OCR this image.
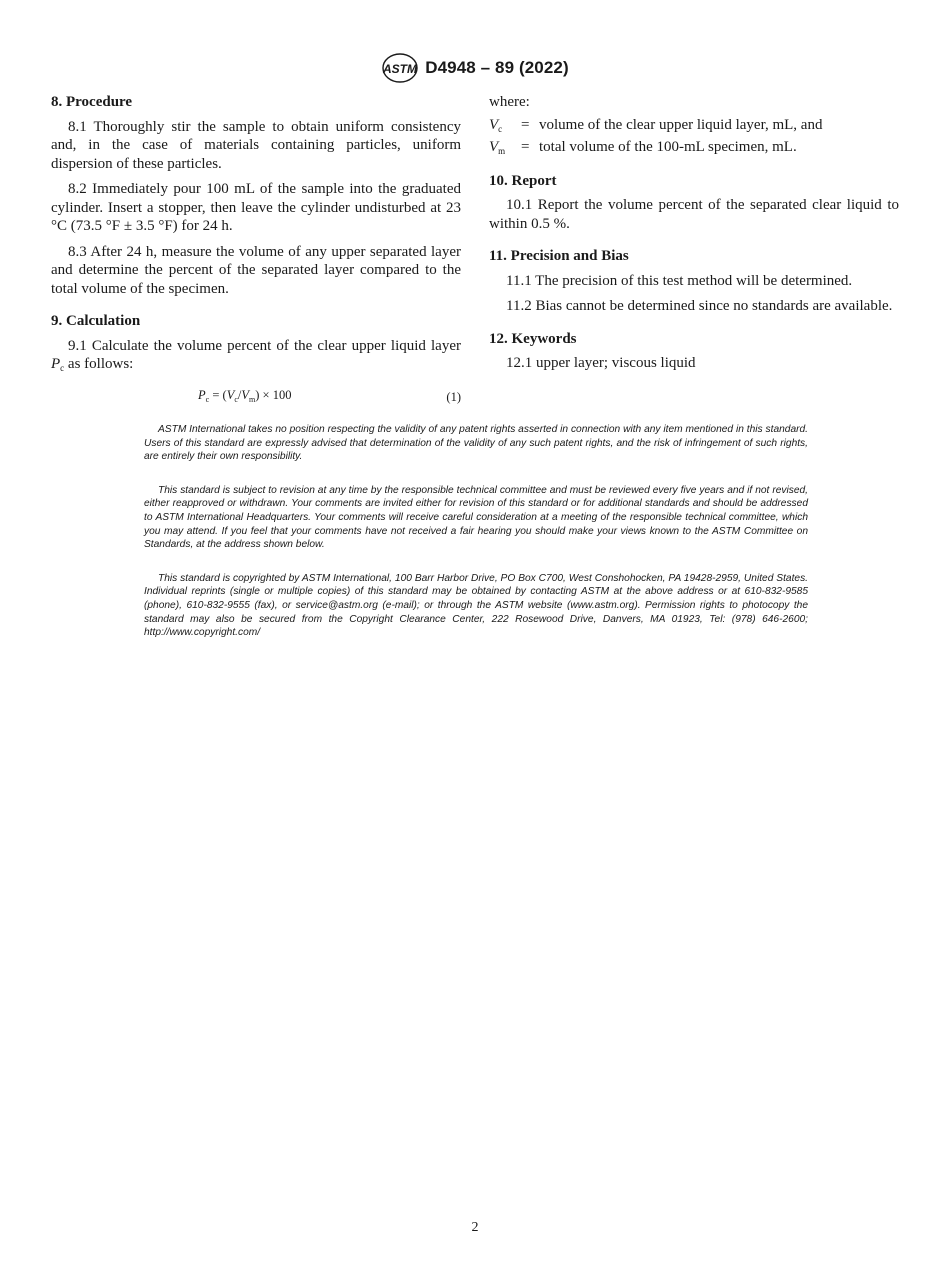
ASTM D4948 – 89 (2022)
8. Procedure

8.1 Thoroughly stir the sample to obtain uniform consistency and, in the case of materials containing particles, uniform dispersion of these particles.

8.2 Immediately pour 100 mL of the sample into the graduated cylinder. Insert a stopper, then leave the cylinder undisturbed at 23 °C (73.5 °F ± 3.5 °F) for 24 h.

8.3 After 24 h, measure the volume of any upper separated layer and determine the percent of the separated layer compared to the total volume of the specimen.

9. Calculation

9.1 Calculate the volume percent of the clear upper liquid layer $P_c$ as follows:

$P_c = (V_c/V_m) \times 100$	(1)

where:

$V_c$	= volume of the clear upper liquid layer, mL, and
$V_m$	= total volume of the 100-mL specimen, mL.
10. Report

10.1 Report the volume percent of the separated clear liquid to within 0.5 %.

11. Precision and Bias

11.1 The precision of this test method will be determined.

11.2 Bias cannot be determined since no standards are available.

12. Keywords

12.1 upper layer; viscous liquid

ASTM International takes no position respecting the validity of any patent rights asserted in connection with any item mentioned in this standard. Users of this standard are expressly advised that determination of the validity of any such patent rights, and the risk of infringement of such rights, are entirely their own responsibility.

This standard is subject to revision at any time by the responsible technical committee and must be reviewed every five years and if not revised, either reapproved or withdrawn. Your comments are invited either for revision of this standard or for additional standards and should be addressed to ASTM International Headquarters. Your comments will receive careful consideration at a meeting of the responsible technical committee, which you may attend. If you feel that your comments have not received a fair hearing you should make your views known to the ASTM Committee on Standards, at the address shown below.

This standard is copyrighted by ASTM International, 100 Barr Harbor Drive, PO Box C700, West Conshohocken, PA 19428-2959, United States. Individual reprints (single or multiple copies) of this standard may be obtained by contacting ASTM at the above address or at 610-832-9585 (phone), 610-832-9555 (fax), or service@astm.org (e-mail); or through the ASTM website (www.astm.org). Permission rights to photocopy the standard may also be secured from the Copyright Clearance Center, 222 Rosewood Drive, Danvers, MA 01923, Tel: (978) 646-2600; http://www.copyright.com/

2
